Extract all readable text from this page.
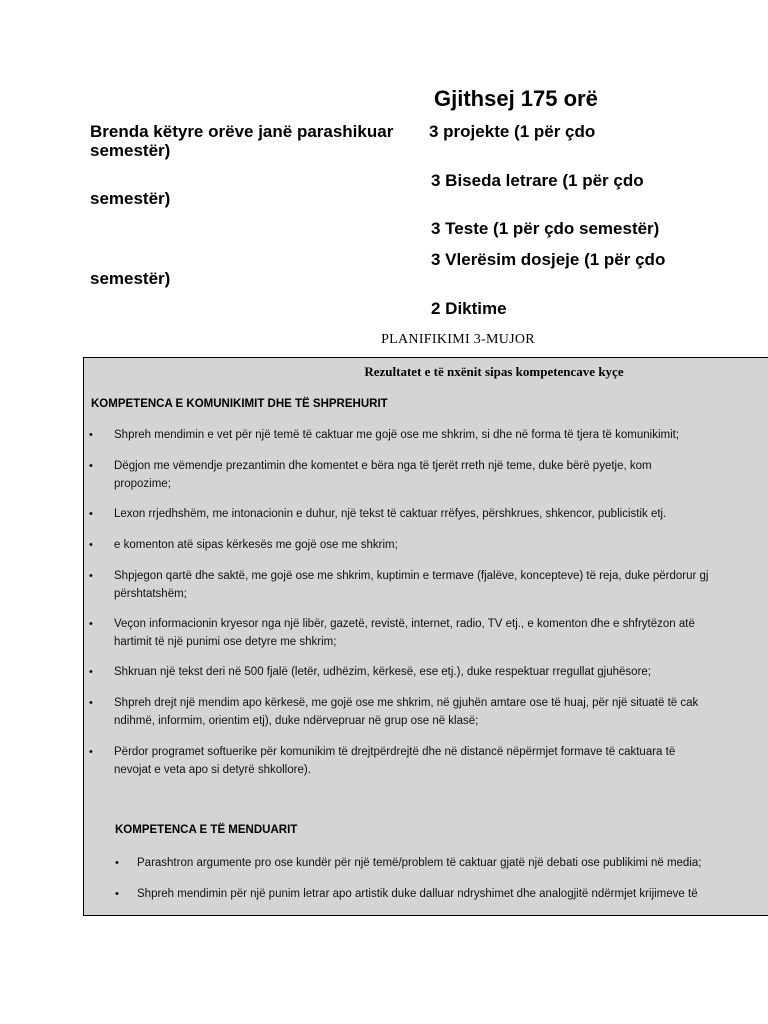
Gjithsej 175 orë
Brenda këtyre orëve janë parashikuar
semestër)
3 projekte (1 për çdo
3 Biseda letrare (1 për çdo
semestër)
3 Teste (1 për çdo semestër)
3 Vlerësim dosjeje (1 për çdo
semestër)
2 Diktime
PLANIFIKIMI 3-MUJOR
Rezultatet e të nxënit sipas kompetencave kyçe
KOMPETENCA E KOMUNIKIMIT DHE TË SHPREHURIT
• Shpreh mendimin e vet për një temë të caktuar me gojë ose me shkrim, si dhe në forma të tjera të komunikimit;
• Dëgjon me vëmendje prezantimin dhe komentet e bëra nga të tjerët rreth një teme, duke bërë pyetje, kom
propozime;
• Lexon rrjedhshëm, me intonacionin e duhur, një tekst të caktuar rrëfyes, përshkrues, shkencor, publicistik etj.
• e komenton atë sipas kërkesës me gojë ose me shkrim;
• Shpjegon qartë dhe saktë, me gojë ose me shkrim, kuptimin e termave (fjalëve, koncepteve) të reja, duke përdorur gj
përshtatshëm;
• Veçon informacionin kryesor nga një libër, gazetë, revistë, internet, radio, TV etj., e komenton dhe e shfrytëzon atë
hartimit të një punimi ose detyre me shkrim;
• Shkruan një tekst deri në 500 fjalë (letër, udhëzim, kërkesë, ese etj.), duke respektuar rregullat gjuhësore;
• Shpreh drejt një mendim apo kërkesë, me gojë ose me shkrim, në gjuhën amtare ose të huaj, për një situatë të cak
ndihmë, informim, orientim etj), duke ndërvepruar në grup ose në klasë;
• Përdor programet softuerike për komunikim të drejtpërdrejtë dhe në distancë nëpërmjet formave të caktuara të
nevojat e veta apo si detyrë shkollore).
KOMPETENCA E TË MENDUARIT
• Parashtron argumente pro ose kundër për një temë/problem të caktuar gjatë një debati ose publikimi në media;
• Shpreh mendimin për një punim letrar apo artistik duke dalluar ndryshimet dhe analogjitë ndërmjet krijimeve të
